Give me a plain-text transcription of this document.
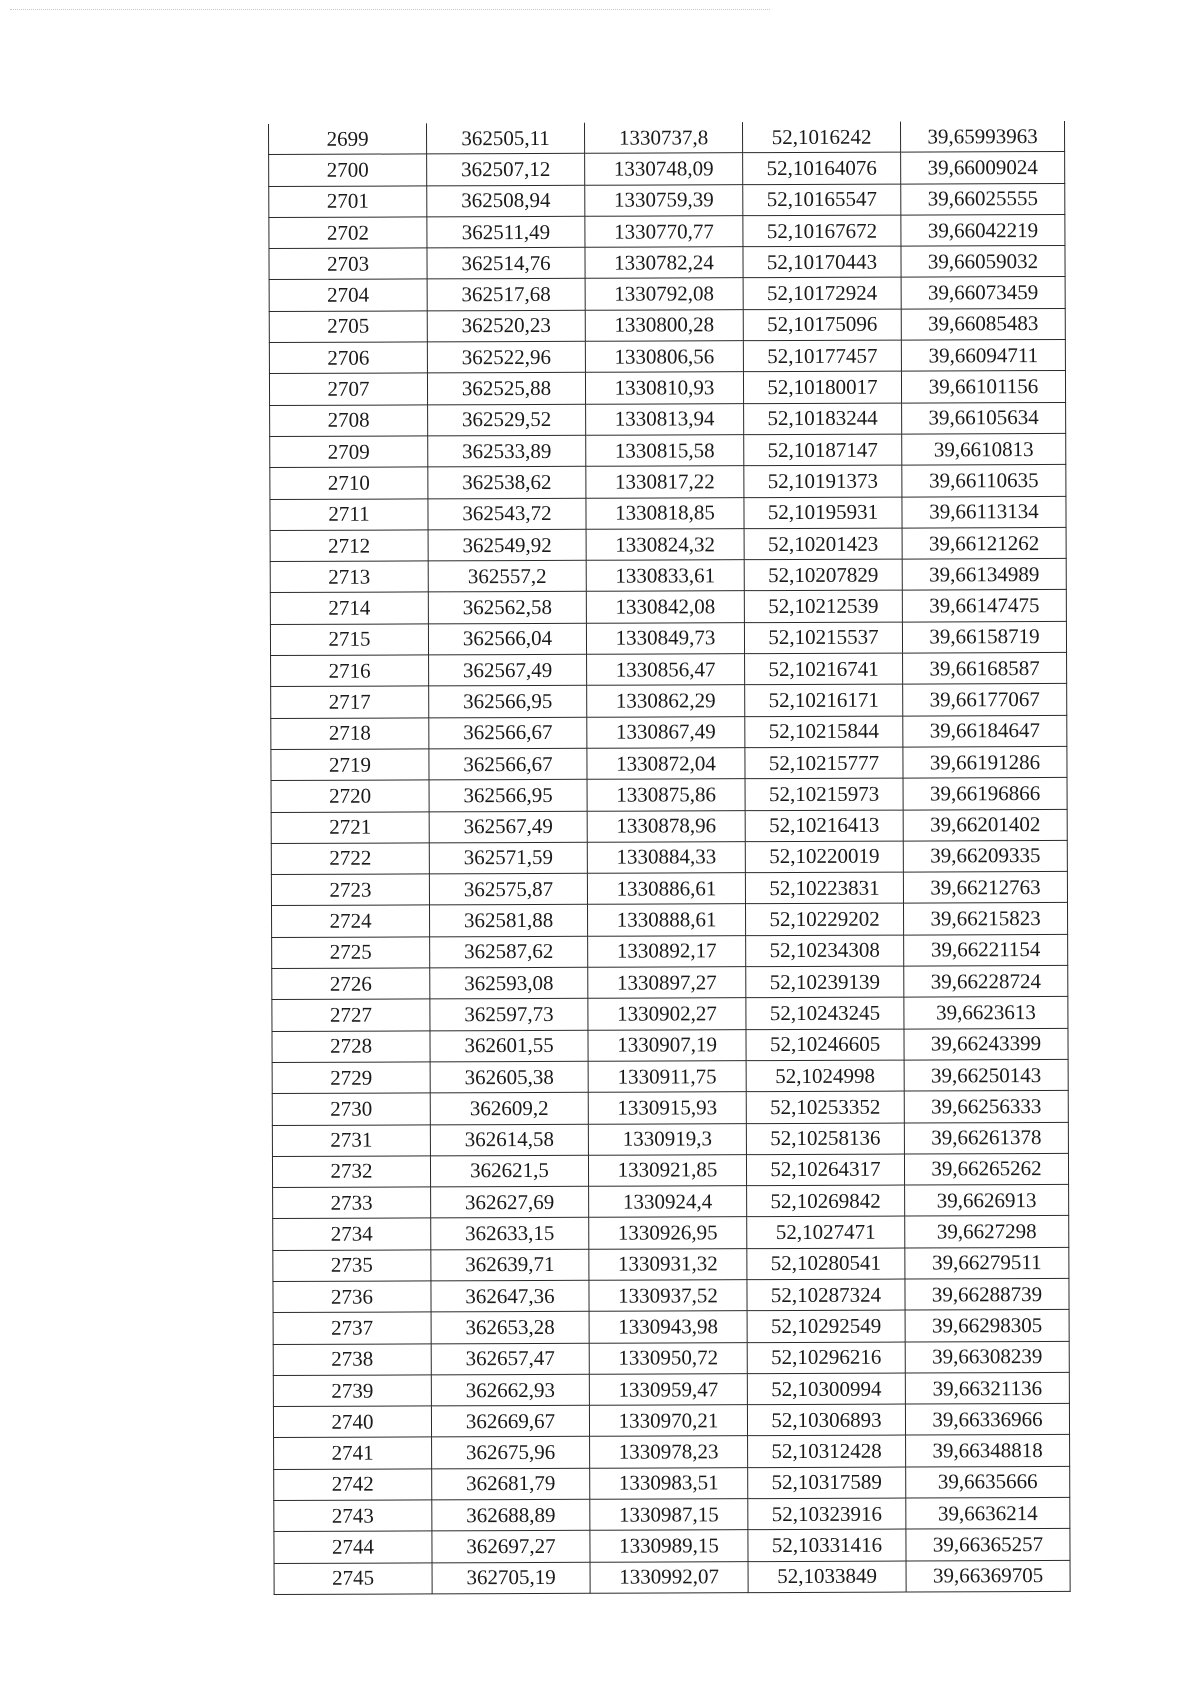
2699	362505,11	1330737,8	52,1016242	39,65993963
2700	362507,12	1330748,09	52,10164076	39,66009024
2701	362508,94	1330759,39	52,10165547	39,66025555
2702	362511,49	1330770,77	52,10167672	39,66042219
2703	362514,76	1330782,24	52,10170443	39,66059032
2704	362517,68	1330792,08	52,10172924	39,66073459
2705	362520,23	1330800,28	52,10175096	39,66085483
2706	362522,96	1330806,56	52,10177457	39,66094711
2707	362525,88	1330810,93	52,10180017	39,66101156
2708	362529,52	1330813,94	52,10183244	39,66105634
2709	362533,89	1330815,58	52,10187147	39,6610813
2710	362538,62	1330817,22	52,10191373	39,66110635
2711	362543,72	1330818,85	52,10195931	39,66113134
2712	362549,92	1330824,32	52,10201423	39,66121262
2713	362557,2	1330833,61	52,10207829	39,66134989
2714	362562,58	1330842,08	52,10212539	39,66147475
2715	362566,04	1330849,73	52,10215537	39,66158719
2716	362567,49	1330856,47	52,10216741	39,66168587
2717	362566,95	1330862,29	52,10216171	39,66177067
2718	362566,67	1330867,49	52,10215844	39,66184647
2719	362566,67	1330872,04	52,10215777	39,66191286
2720	362566,95	1330875,86	52,10215973	39,66196866
2721	362567,49	1330878,96	52,10216413	39,66201402
2722	362571,59	1330884,33	52,10220019	39,66209335
2723	362575,87	1330886,61	52,10223831	39,66212763
2724	362581,88	1330888,61	52,10229202	39,66215823
2725	362587,62	1330892,17	52,10234308	39,66221154
2726	362593,08	1330897,27	52,10239139	39,66228724
2727	362597,73	1330902,27	52,10243245	39,6623613
2728	362601,55	1330907,19	52,10246605	39,66243399
2729	362605,38	1330911,75	52,1024998	39,66250143
2730	362609,2	1330915,93	52,10253352	39,66256333
2731	362614,58	1330919,3	52,10258136	39,66261378
2732	362621,5	1330921,85	52,10264317	39,66265262
2733	362627,69	1330924,4	52,10269842	39,6626913
2734	362633,15	1330926,95	52,1027471	39,6627298
2735	362639,71	1330931,32	52,10280541	39,66279511
2736	362647,36	1330937,52	52,10287324	39,66288739
2737	362653,28	1330943,98	52,10292549	39,66298305
2738	362657,47	1330950,72	52,10296216	39,66308239
2739	362662,93	1330959,47	52,10300994	39,66321136
2740	362669,67	1330970,21	52,10306893	39,66336966
2741	362675,96	1330978,23	52,10312428	39,66348818
2742	362681,79	1330983,51	52,10317589	39,6635666
2743	362688,89	1330987,15	52,10323916	39,6636214
2744	362697,27	1330989,15	52,10331416	39,66365257
2745	362705,19	1330992,07	52,1033849	39,66369705
